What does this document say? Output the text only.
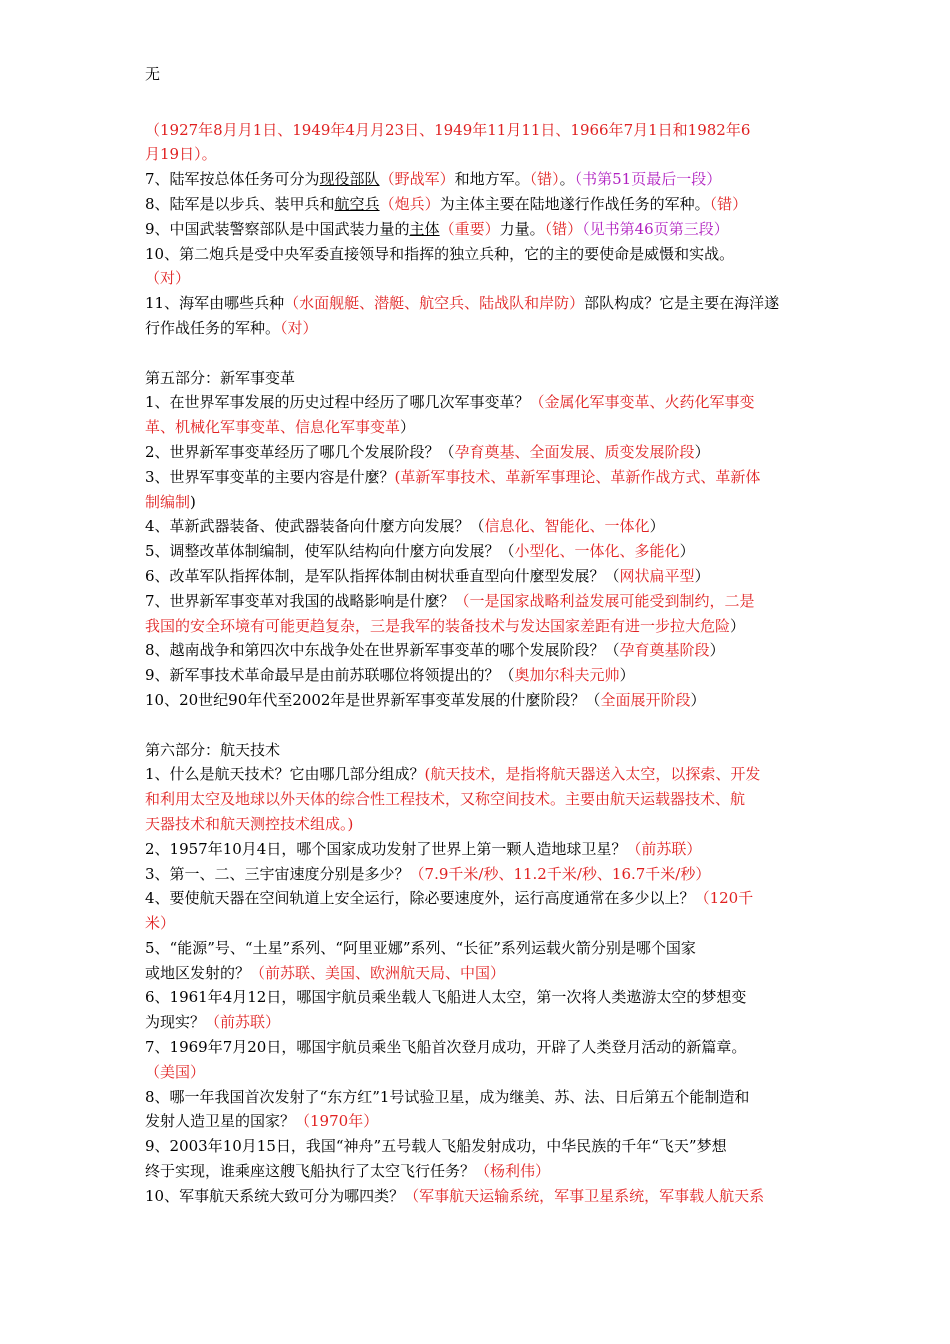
无
（1927年8月月1日、1949年4月月23日、1949年11月11日、1966年7月1日和1982年6
月19日）。
7、陆军按总体任务可分为现役部队（野战军）和地方军。（错）。（书第51页最后一段）
8、陆军是以步兵、装甲兵和航空兵（炮兵）为主体主要在陆地遂行作战任务的军种。（错）
9、中国武装警察部队是中国武装力量的主体（重要）力量。（错）（见书第46页第三段）
10、第二炮兵是受中央军委直接领导和指挥的独立兵种，它的主的要使命是威慑和实战。
（对）
11、海军由哪些兵种（水面舰艇、潜艇、航空兵、陆战队和岸防）部队构成？它是主要在海洋遂
行作战任务的军种。（对）
第五部分：新军事变革
1、在世界军事发展的历史过程中经历了哪几次军事变革？（金属化军事变革、火药化军事变
革、机械化军事变革、信息化军事变革）
2、世界新军事变革经历了哪几个发展阶段？（孕育奠基、全面发展、质变发展阶段）
3、世界军事变革的主要内容是什麼？(革新军事技术、革新军事理论、革新作战方式、革新体
制编制)
4、革新武器装备、使武器装备向什麼方向发展？（信息化、智能化、一体化）
5、调整改革体制编制，使军队结构向什麼方向发展？（小型化、一体化、多能化）
6、改革军队指挥体制，是军队指挥体制由树状垂直型向什麼型发展？（网状扁平型）
7、世界新军事变革对我国的战略影响是什麼？（一是国家战略利益发展可能受到制约，二是
我国的安全环境有可能更趋复杂，三是我军的装备技术与发达国家差距有进一步拉大危险）
8、越南战争和第四次中东战争处在世界新军事变革的哪个发展阶段？（孕育奠基阶段）
9、新军事技术革命最早是由前苏联哪位将领提出的？（奥加尔科夫元帅）
10、20世纪90年代至2002年是世界新军事变革发展的什麼阶段？（全面展开阶段）
第六部分：航天技术
1、什么是航天技术？它由哪几部分组成？(航天技术，是指将航天器送入太空，以探索、开发
和利用太空及地球以外天体的综合性工程技术，又称空间技术。主要由航天运载器技术、航
天器技术和航天测控技术组成。)
2、1957年10月4日，哪个国家成功发射了世界上第一颗人造地球卫星？（前苏联）
3、第一、二、三宇宙速度分别是多少？（7.9千米/秒、11.2千米/秒、16.7千米/秒）
4、要使航天器在空间轨道上安全运行，除必要速度外，运行高度通常在多少以上？（120千
米）
5、“能源”号、“土星”系列、“阿里亚娜”系列、“长征”系列运载火箭分别是哪个国家
或地区发射的？（前苏联、美国、欧洲航天局、中国）
6、1961年4月12日，哪国宇航员乘坐载人飞船进人太空，第一次将人类遨游太空的梦想变
为现实？（前苏联）
7、1969年7月20日，哪国宇航员乘坐飞船首次登月成功，开辟了人类登月活动的新篇章。
（美国）
8、哪一年我国首次发射了“东方红”1号试验卫星，成为继美、苏、法、日后第五个能制造和
发射人造卫星的国家？（1970年）
9、2003年10月15日，我国“神舟”五号载人飞船发射成功，中华民族的千年“飞天”梦想
终于实现，谁乘座这艘飞船执行了太空飞行任务？（杨利伟）
10、军事航天系统大致可分为哪四类？（军事航天运输系统，军事卫星系统，军事载人航天系
